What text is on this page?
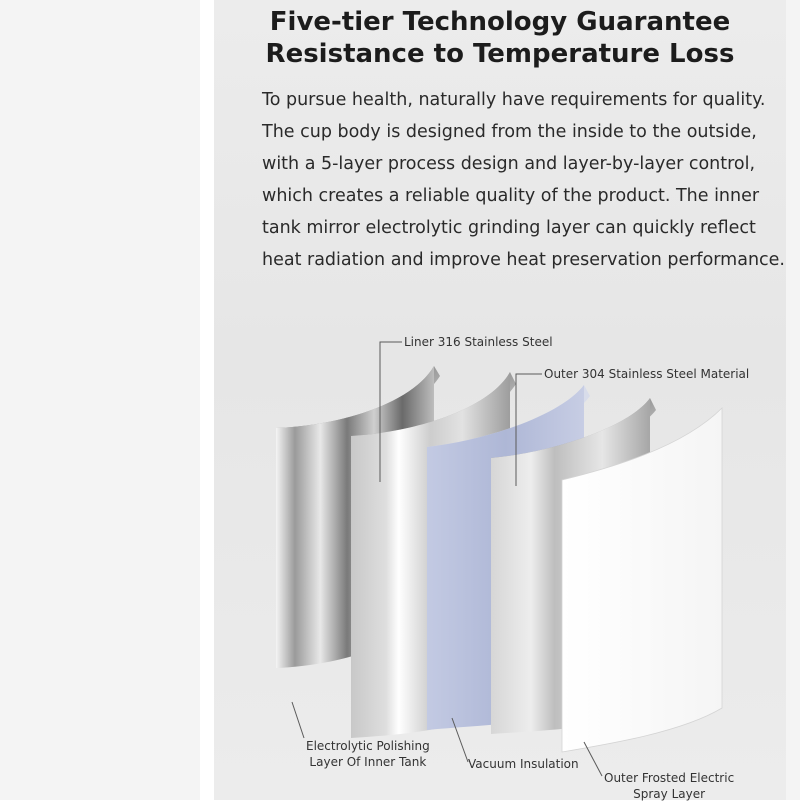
Five-tier Technology Guarantee
Resistance to Temperature Loss
To pursue health, naturally have requirements for quality.
The cup body is designed from the inside to the outside,
with a 5-layer process design and layer-by-layer control,
which creates a reliable quality of the product. The inner
tank mirror electrolytic grinding layer can quickly reflect
heat radiation and improve heat preservation performance.
Liner 316 Stainless Steel
Outer 304 Stainless Steel Material
Electrolytic Polishing
Layer Of Inner Tank	Vacuum Insulation
Outer Frosted Electric
Spray Layer
